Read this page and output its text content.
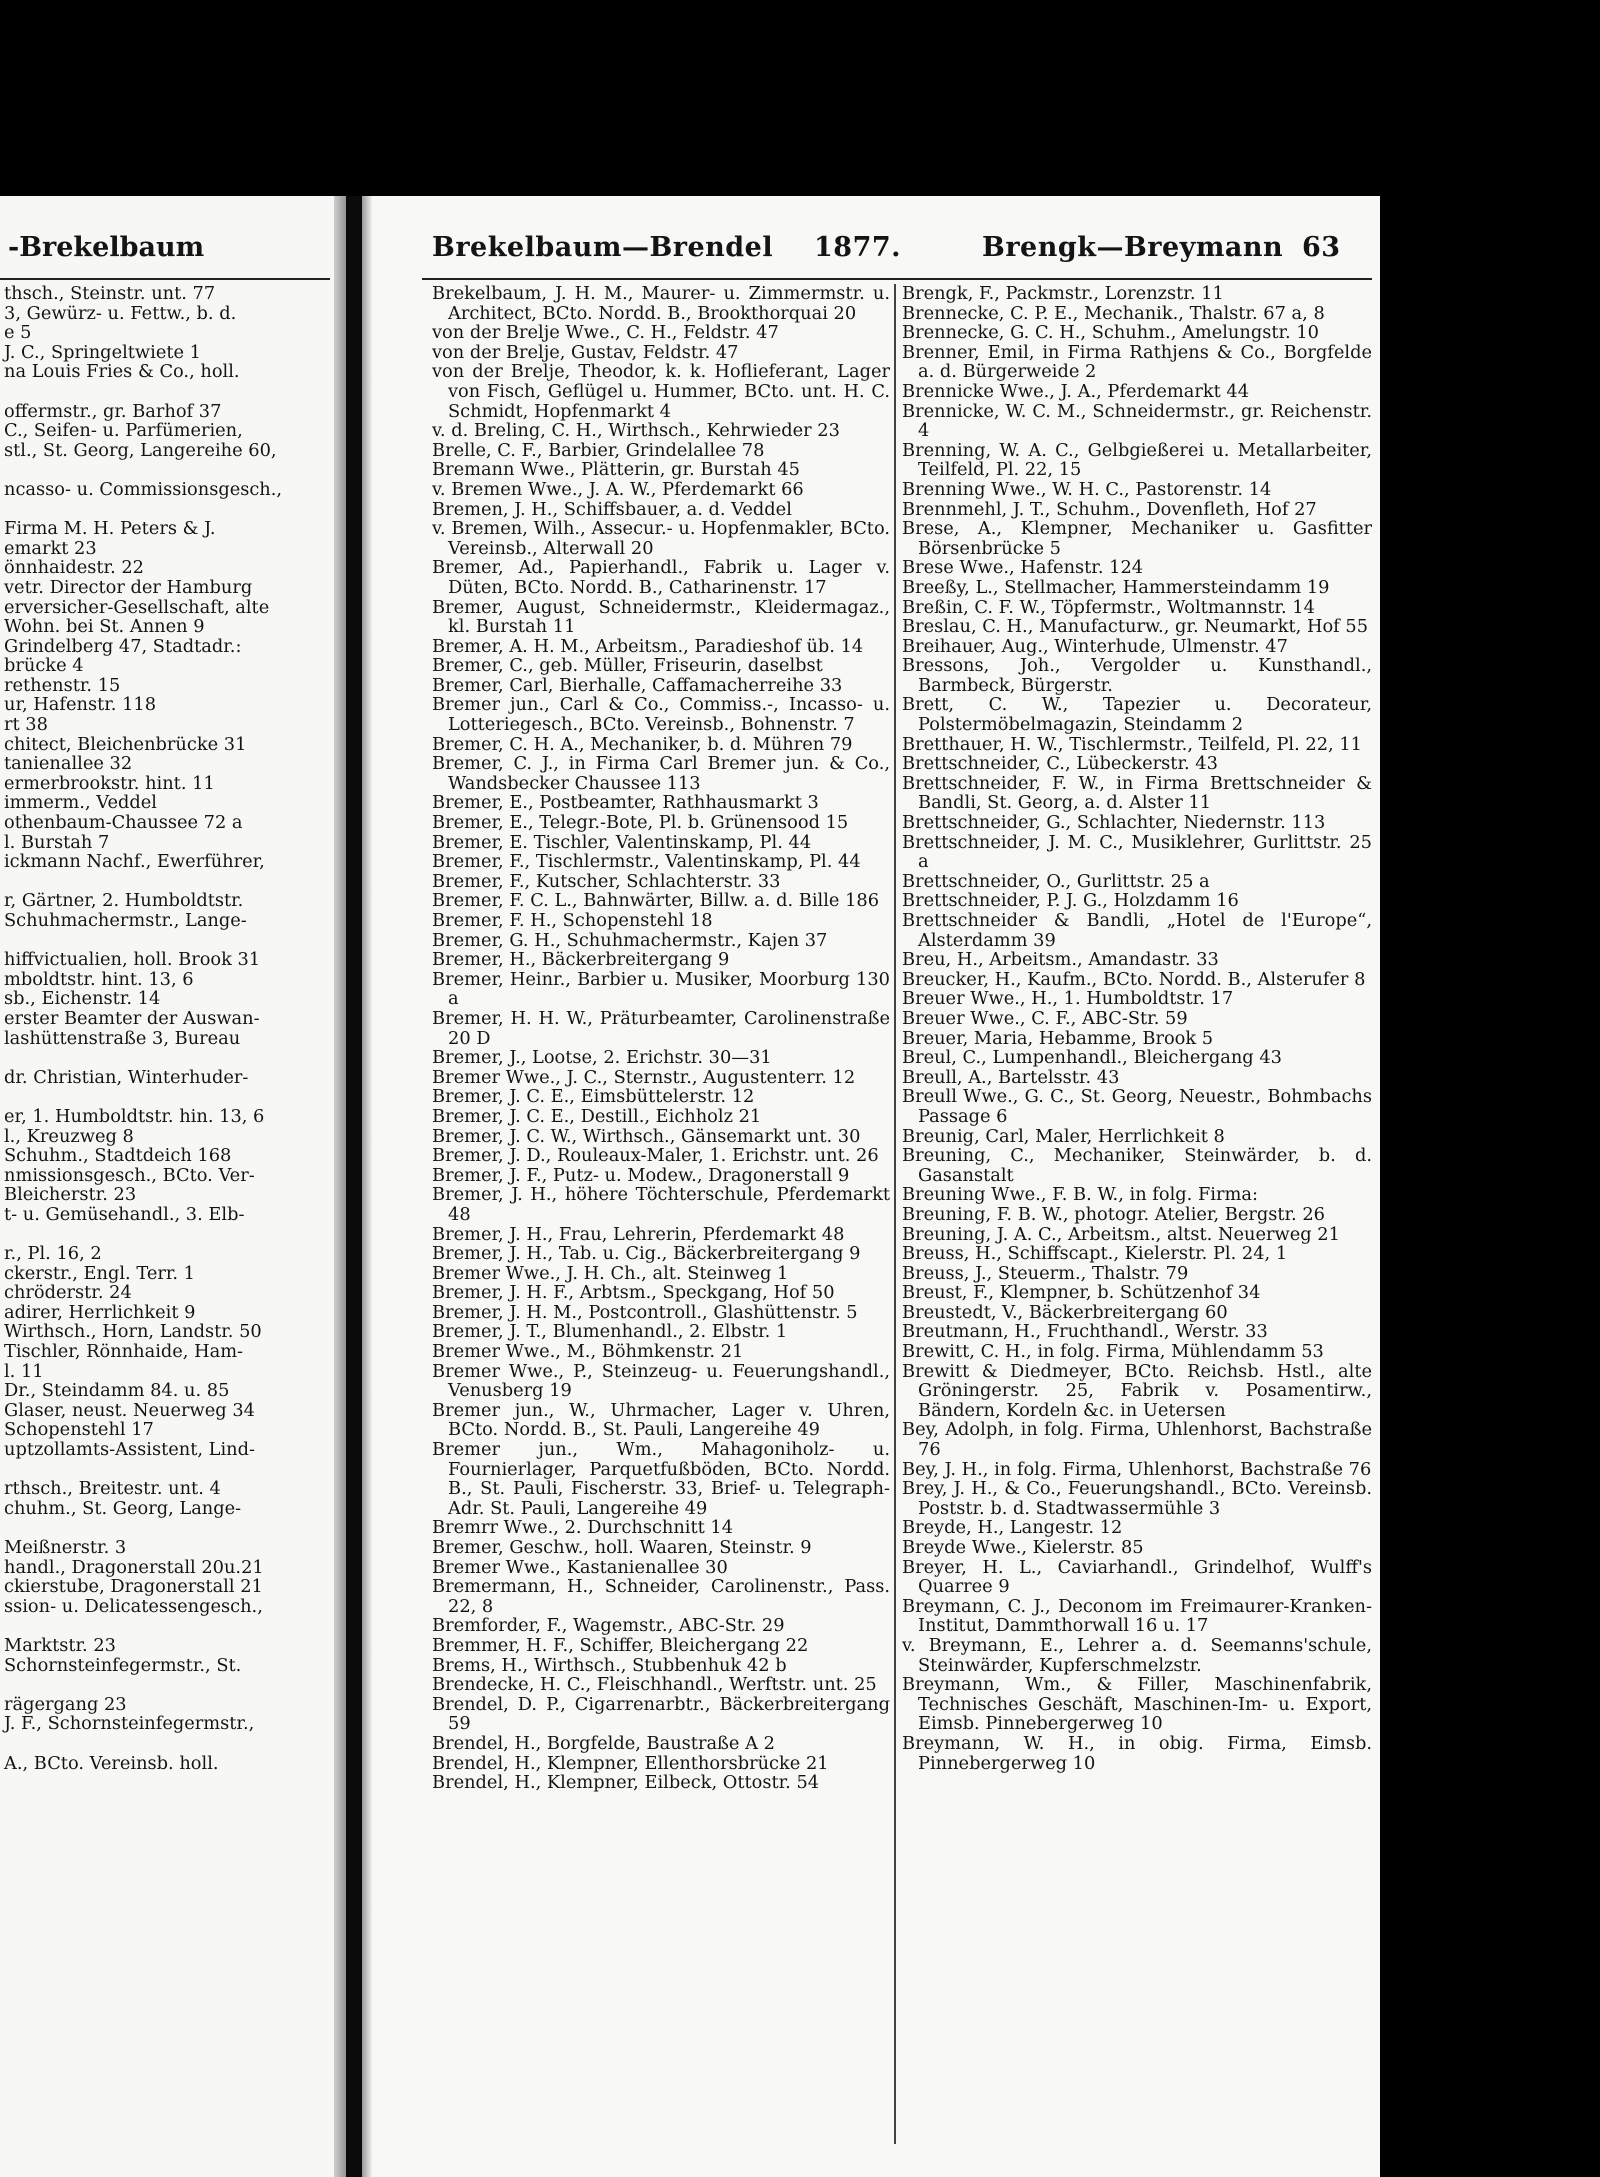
-Brekelbaum

thsch., Steinstr. unt. 77

3, Gewürz- u. Fettw., b. d.

e 5

J. C., Springeltwiete 1

na Louis Fries & Co., holl.

offermstr., gr. Barhof 37

C., Seifen- u. Parfümerien,

stl., St. Georg, Langereihe 60,

ncasso- u. Commissionsgesch.,

Firma M. H. Peters & J.

emarkt 23

önnhaidestr. 22

vetr. Director der Hamburg

erversicher-Gesellschaft, alte

Wohn. bei St. Annen 9

Grindelberg 47, Stadtadr.:

brücke 4

rethenstr. 15

ur, Hafenstr. 118

rt 38

chitect, Bleichenbrücke 31

tanienallee 32

ermerbrookstr. hint. 11

immerm., Veddel

othenbaum-Chaussee 72 a

l. Burstah 7

ickmann Nachf., Ewerführer,

r, Gärtner, 2. Humboldtstr.

Schuhmachermstr., Lange-

hiffvictualien, holl. Brook 31

mboldtstr. hint. 13, 6

sb., Eichenstr. 14

erster Beamter der Auswan-

lashüttenstraße 3, Bureau

dr. Christian, Winterhuder-

er, 1. Humboldtstr. hin. 13, 6

l., Kreuzweg 8

Schuhm., Stadtdeich 168

nmissionsgesch., BCto. Ver-

Bleicherstr. 23

t- u. Gemüsehandl., 3. Elb-

r., Pl. 16, 2

ckerstr., Engl. Terr. 1

chröderstr. 24

adirer, Herrlichkeit 9

Wirthsch., Horn, Landstr. 50

Tischler, Rönnhaide, Ham-

l. 11

Dr., Steindamm 84. u. 85

Glaser, neust. Neuerweg 34

Schopenstehl 17

uptzollamts-Assistent, Lind-

rthsch., Breitestr. unt. 4

chuhm., St. Georg, Lange-

Meißnerstr. 3

handl., Dragonerstall 20u.21

ckierstube, Dragonerstall 21

ssion- u. Delicatessengesch.,

Marktstr. 23

Schornsteinfegermstr., St.

rägergang 23

J. F., Schornsteinfegermstr.,

A., BCto. Vereinsb. holl.

Brekelbaum—Brendel 1877.	Brengk—Breymann 63

Brekelbaum, J. H. M., Maurer- u. Zimmermstr. u. Architect, BCto. Nordd. B., Brookthorquai 20

von der Brelje Wwe., C. H., Feldstr. 47

von der Brelje, Gustav, Feldstr. 47

von der Brelje, Theodor, k. k. Hoflieferant, Lager von Fisch, Geflügel u. Hummer, BCto. unt. H. C. Schmidt, Hopfenmarkt 4

v. d. Breling, C. H., Wirthsch., Kehrwieder 23

Brelle, C. F., Barbier, Grindelallee 78

Bremann Wwe., Plätterin, gr. Burstah 45

v. Bremen Wwe., J. A. W., Pferdemarkt 66

Bremen, J. H., Schiffsbauer, a. d. Veddel

v. Bremen, Wilh., Assecur.- u. Hopfenmakler, BCto. Vereinsb., Alterwall 20

Bremer, Ad., Papierhandl., Fabrik u. Lager v. Düten, BCto. Nordd. B., Catharinenstr. 17

Bremer, August, Schneidermstr., Kleidermagaz., kl. Burstah 11

Bremer, A. H. M., Arbeitsm., Paradieshof üb. 14

Bremer, C., geb. Müller, Friseurin, daselbst

Bremer, Carl, Bierhalle, Caffamacherreihe 33

Bremer jun., Carl & Co., Commiss.-, Incasso- u. Lotteriegesch., BCto. Vereinsb., Bohnenstr. 7

Bremer, C. H. A., Mechaniker, b. d. Mühren 79

Bremer, C. J., in Firma Carl Bremer jun. & Co., Wandsbecker Chaussee 113

Bremer, E., Postbeamter, Rathhausmarkt 3

Bremer, E., Telegr.-Bote, Pl. b. Grünensood 15

Bremer, E. Tischler, Valentinskamp, Pl. 44

Bremer, F., Tischlermstr., Valentinskamp, Pl. 44

Bremer, F., Kutscher, Schlachterstr. 33

Bremer, F. C. L., Bahnwärter, Billw. a. d. Bille 186

Bremer, F. H., Schopenstehl 18

Bremer, G. H., Schuhmachermstr., Kajen 37

Bremer, H., Bäckerbreitergang 9

Bremer, Heinr., Barbier u. Musiker, Moorburg 130 a

Bremer, H. H. W., Präturbeamter, Carolinenstraße 20 D

Bremer, J., Lootse, 2. Erichstr. 30—31

Bremer Wwe., J. C., Sternstr., Augustenterr. 12

Bremer, J. C. E., Eimsbüttelerstr. 12

Bremer, J. C. E., Destill., Eichholz 21

Bremer, J. C. W., Wirthsch., Gänsemarkt unt. 30

Bremer, J. D., Rouleaux-Maler, 1. Erichstr. unt. 26

Bremer, J. F., Putz- u. Modew., Dragonerstall 9

Bremer, J. H., höhere Töchterschule, Pferdemarkt 48

Bremer, J. H., Frau, Lehrerin, Pferdemarkt 48

Bremer, J. H., Tab. u. Cig., Bäckerbreitergang 9

Bremer Wwe., J. H. Ch., alt. Steinweg 1

Bremer, J. H. F., Arbtsm., Speckgang, Hof 50

Bremer, J. H. M., Postcontroll., Glashüttenstr. 5

Bremer, J. T., Blumenhandl., 2. Elbstr. 1

Bremer Wwe., M., Böhmkenstr. 21

Bremer Wwe., P., Steinzeug- u. Feuerungshandl., Venusberg 19

Bremer jun., W., Uhrmacher, Lager v. Uhren, BCto. Nordd. B., St. Pauli, Langereihe 49

Bremer jun., Wm., Mahagoniholz- u. Fournierlager, Parquetfußböden, BCto. Nordd. B., St. Pauli, Fischerstr. 33, Brief- u. Telegraph-Adr. St. Pauli, Langereihe 49

Bremrr Wwe., 2. Durchschnitt 14

Bremer, Geschw., holl. Waaren, Steinstr. 9

Bremer Wwe., Kastanienallee 30

Bremermann, H., Schneider, Carolinenstr., Pass. 22, 8

Bremforder, F., Wagemstr., ABC-Str. 29

Bremmer, H. F., Schiffer, Bleichergang 22

Brems, H., Wirthsch., Stubbenhuk 42 b

Brendecke, H. C., Fleischhandl., Werftstr. unt. 25

Brendel, D. P., Cigarrenarbtr., Bäckerbreitergang 59

Brendel, H., Borgfelde, Baustraße A 2

Brendel, H., Klempner, Ellenthorsbrücke 21

Brendel, H., Klempner, Eilbeck, Ottostr. 54

Brengk, F., Packmstr., Lorenzstr. 11

Brennecke, C. P. E., Mechanik., Thalstr. 67 a, 8

Brennecke, G. C. H., Schuhm., Amelungstr. 10

Brenner, Emil, in Firma Rathjens & Co., Borgfelde a. d. Bürgerweide 2

Brennicke Wwe., J. A., Pferdemarkt 44

Brennicke, W. C. M., Schneidermstr., gr. Reichenstr. 4

Brenning, W. A. C., Gelbgießerei u. Metallarbeiter, Teilfeld, Pl. 22, 15

Brenning Wwe., W. H. C., Pastorenstr. 14

Brennmehl, J. T., Schuhm., Dovenfleth, Hof 27

Brese, A., Klempner, Mechaniker u. Gasfitter Börsenbrücke 5

Brese Wwe., Hafenstr. 124

Breeßy, L., Stellmacher, Hammersteindamm 19

Breßin, C. F. W., Töpfermstr., Woltmannstr. 14

Breslau, C. H., Manufacturw., gr. Neumarkt, Hof 55

Breihauer, Aug., Winterhude, Ulmenstr. 47

Bressons, Joh., Vergolder u. Kunsthandl., Barmbeck, Bürgerstr.

Brett, C. W., Tapezier u. Decorateur, Polstermöbelmagazin, Steindamm 2

Bretthauer, H. W., Tischlermstr., Teilfeld, Pl. 22, 11

Brettschneider, C., Lübeckerstr. 43

Brettschneider, F. W., in Firma Brettschneider & Bandli, St. Georg, a. d. Alster 11

Brettschneider, G., Schlachter, Niedernstr. 113

Brettschneider, J. M. C., Musiklehrer, Gurlittstr. 25 a

Brettschneider, O., Gurlittstr. 25 a

Brettschneider, P. J. G., Holzdamm 16

Brettschneider & Bandli, „Hotel de l'Europe“, Alsterdamm 39

Breu, H., Arbeitsm., Amandastr. 33

Breucker, H., Kaufm., BCto. Nordd. B., Alsterufer 8

Breuer Wwe., H., 1. Humboldtstr. 17

Breuer Wwe., C. F., ABC-Str. 59

Breuer, Maria, Hebamme, Brook 5

Breul, C., Lumpenhandl., Bleichergang 43

Breull, A., Bartelsstr. 43

Breull Wwe., G. C., St. Georg, Neuestr., Bohmbachs Passage 6

Breunig, Carl, Maler, Herrlichkeit 8

Breuning, C., Mechaniker, Steinwärder, b. d. Gasanstalt

Breuning Wwe., F. B. W., in folg. Firma:

Breuning, F. B. W., photogr. Atelier, Bergstr. 26

Breuning, J. A. C., Arbeitsm., altst. Neuerweg 21

Breuss, H., Schiffscapt., Kielerstr. Pl. 24, 1

Breuss, J., Steuerm., Thalstr. 79

Breust, F., Klempner, b. Schützenhof 34

Breustedt, V., Bäckerbreitergang 60

Breutmann, H., Fruchthandl., Werstr. 33

Brewitt, C. H., in folg. Firma, Mühlendamm 53

Brewitt & Diedmeyer, BCto. Reichsb. Hstl., alte Gröningerstr. 25, Fabrik v. Posamentirw., Bändern, Kordeln &c. in Uetersen

Bey, Adolph, in folg. Firma, Uhlenhorst, Bachstraße 76

Bey, J. H., in folg. Firma, Uhlenhorst, Bachstraße 76

Brey, J. H., & Co., Feuerungshandl., BCto. Vereinsb. Poststr. b. d. Stadtwassermühle 3

Breyde, H., Langestr. 12

Breyde Wwe., Kielerstr. 85

Breyer, H. L., Caviarhandl., Grindelhof, Wulff's Quarree 9

Breymann, C. J., Deconom im Freimaurer-Kranken-Institut, Dammthorwall 16 u. 17

v. Breymann, E., Lehrer a. d. Seemanns'schule, Steinwärder, Kupferschmelzstr.

Breymann, Wm., & Filler, Maschinenfabrik, Technisches Geschäft, Maschinen-Im- u. Export, Eimsb. Pinnebergerweg 10

Breymann, W. H., in obig. Firma, Eimsb. Pinnebergerweg 10
